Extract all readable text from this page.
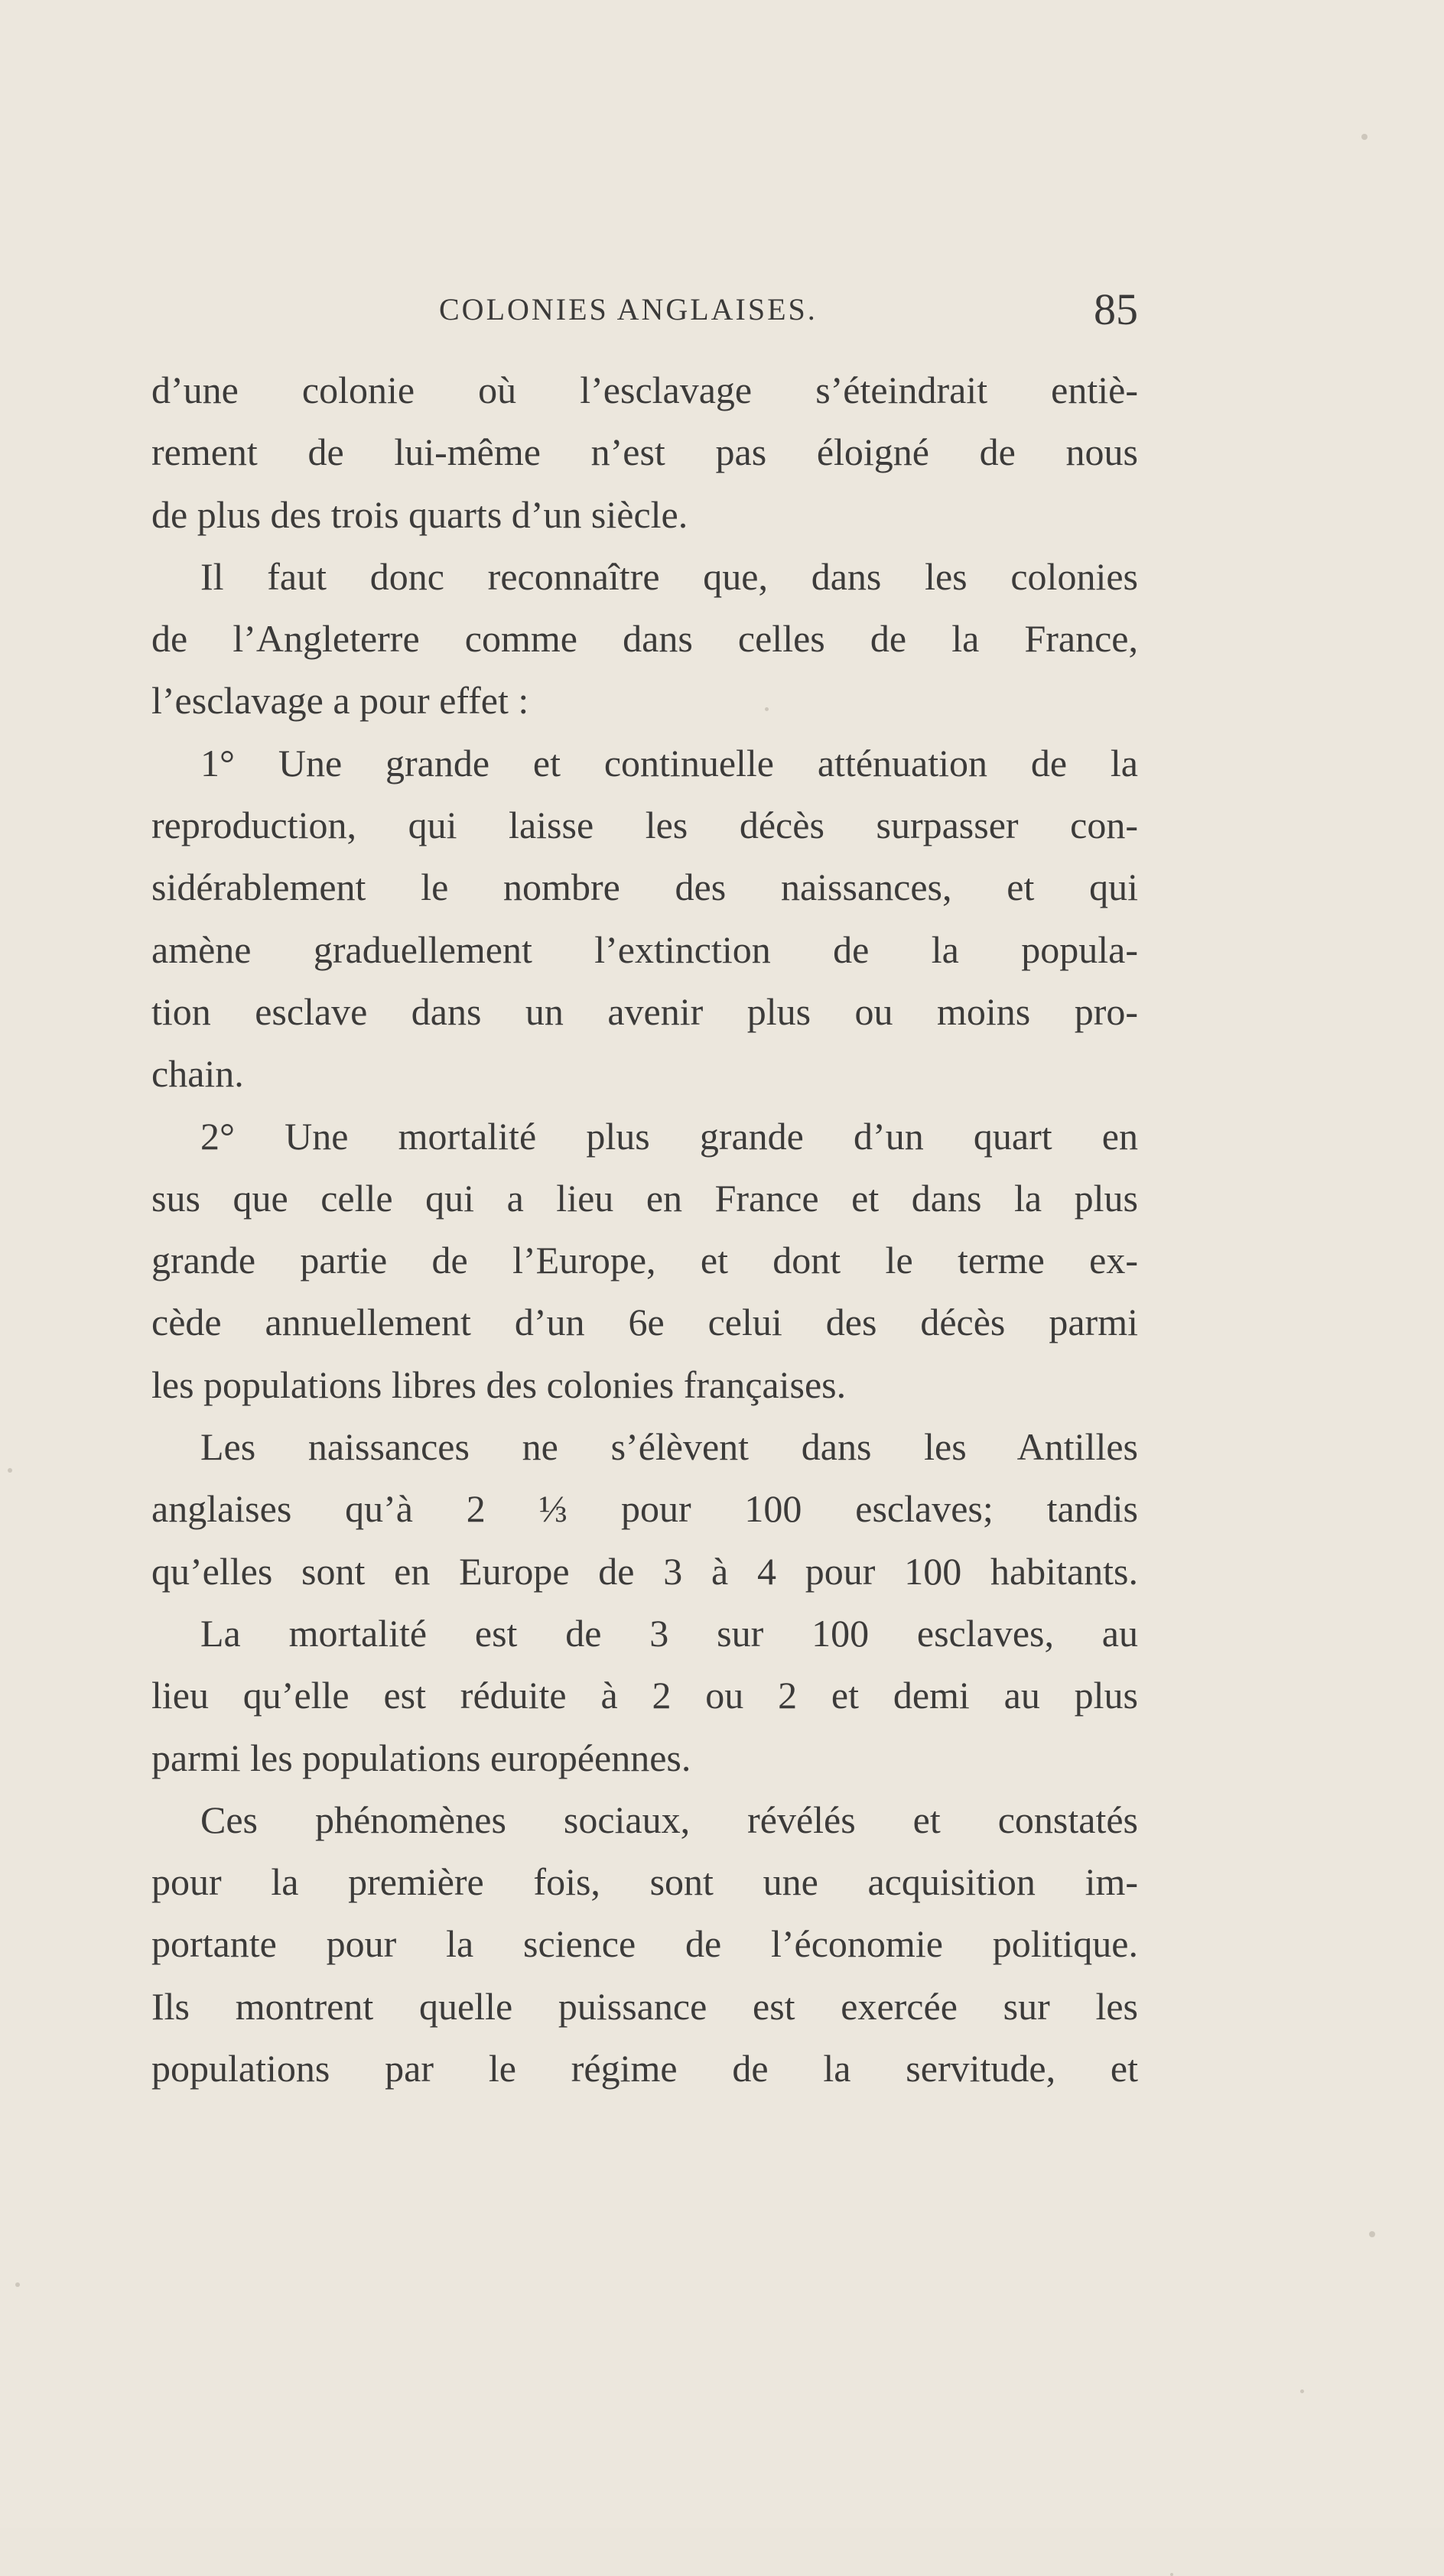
COLONIES ANGLAISES.	85
d’une colonie où l’esclavage s’éteindrait entiè-
rement de lui-même n’est pas éloigné de nous
de plus des trois quarts d’un siècle.
Il faut donc reconnaître que, dans les colonies
de l’Angleterre comme dans celles de la France,
l’esclavage a pour effet :
1° Une grande et continuelle atténuation de la
reproduction, qui laisse les décès surpasser con-
sidérablement le nombre des naissances, et qui
amène graduellement l’extinction de la popula-
tion esclave dans un avenir plus ou moins pro-
chain.
2° Une mortalité plus grande d’un quart en
sus que celle qui a lieu en France et dans la plus
grande partie de l’Europe, et dont le terme ex-
cède annuellement d’un 6e celui des décès parmi
les populations libres des colonies françaises.
Les naissances ne s’élèvent dans les Antilles
anglaises qu’à 2 ⅓ pour 100 esclaves; tandis
qu’elles sont en Europe de 3 à 4 pour 100 habitants.
La mortalité est de 3 sur 100 esclaves, au
lieu qu’elle est réduite à 2 ou 2 et demi au plus
parmi les populations européennes.
Ces phénomènes sociaux, révélés et constatés
pour la première fois, sont une acquisition im-
portante pour la science de l’économie politique.
Ils montrent quelle puissance est exercée sur les
populations par le régime de la servitude, et
